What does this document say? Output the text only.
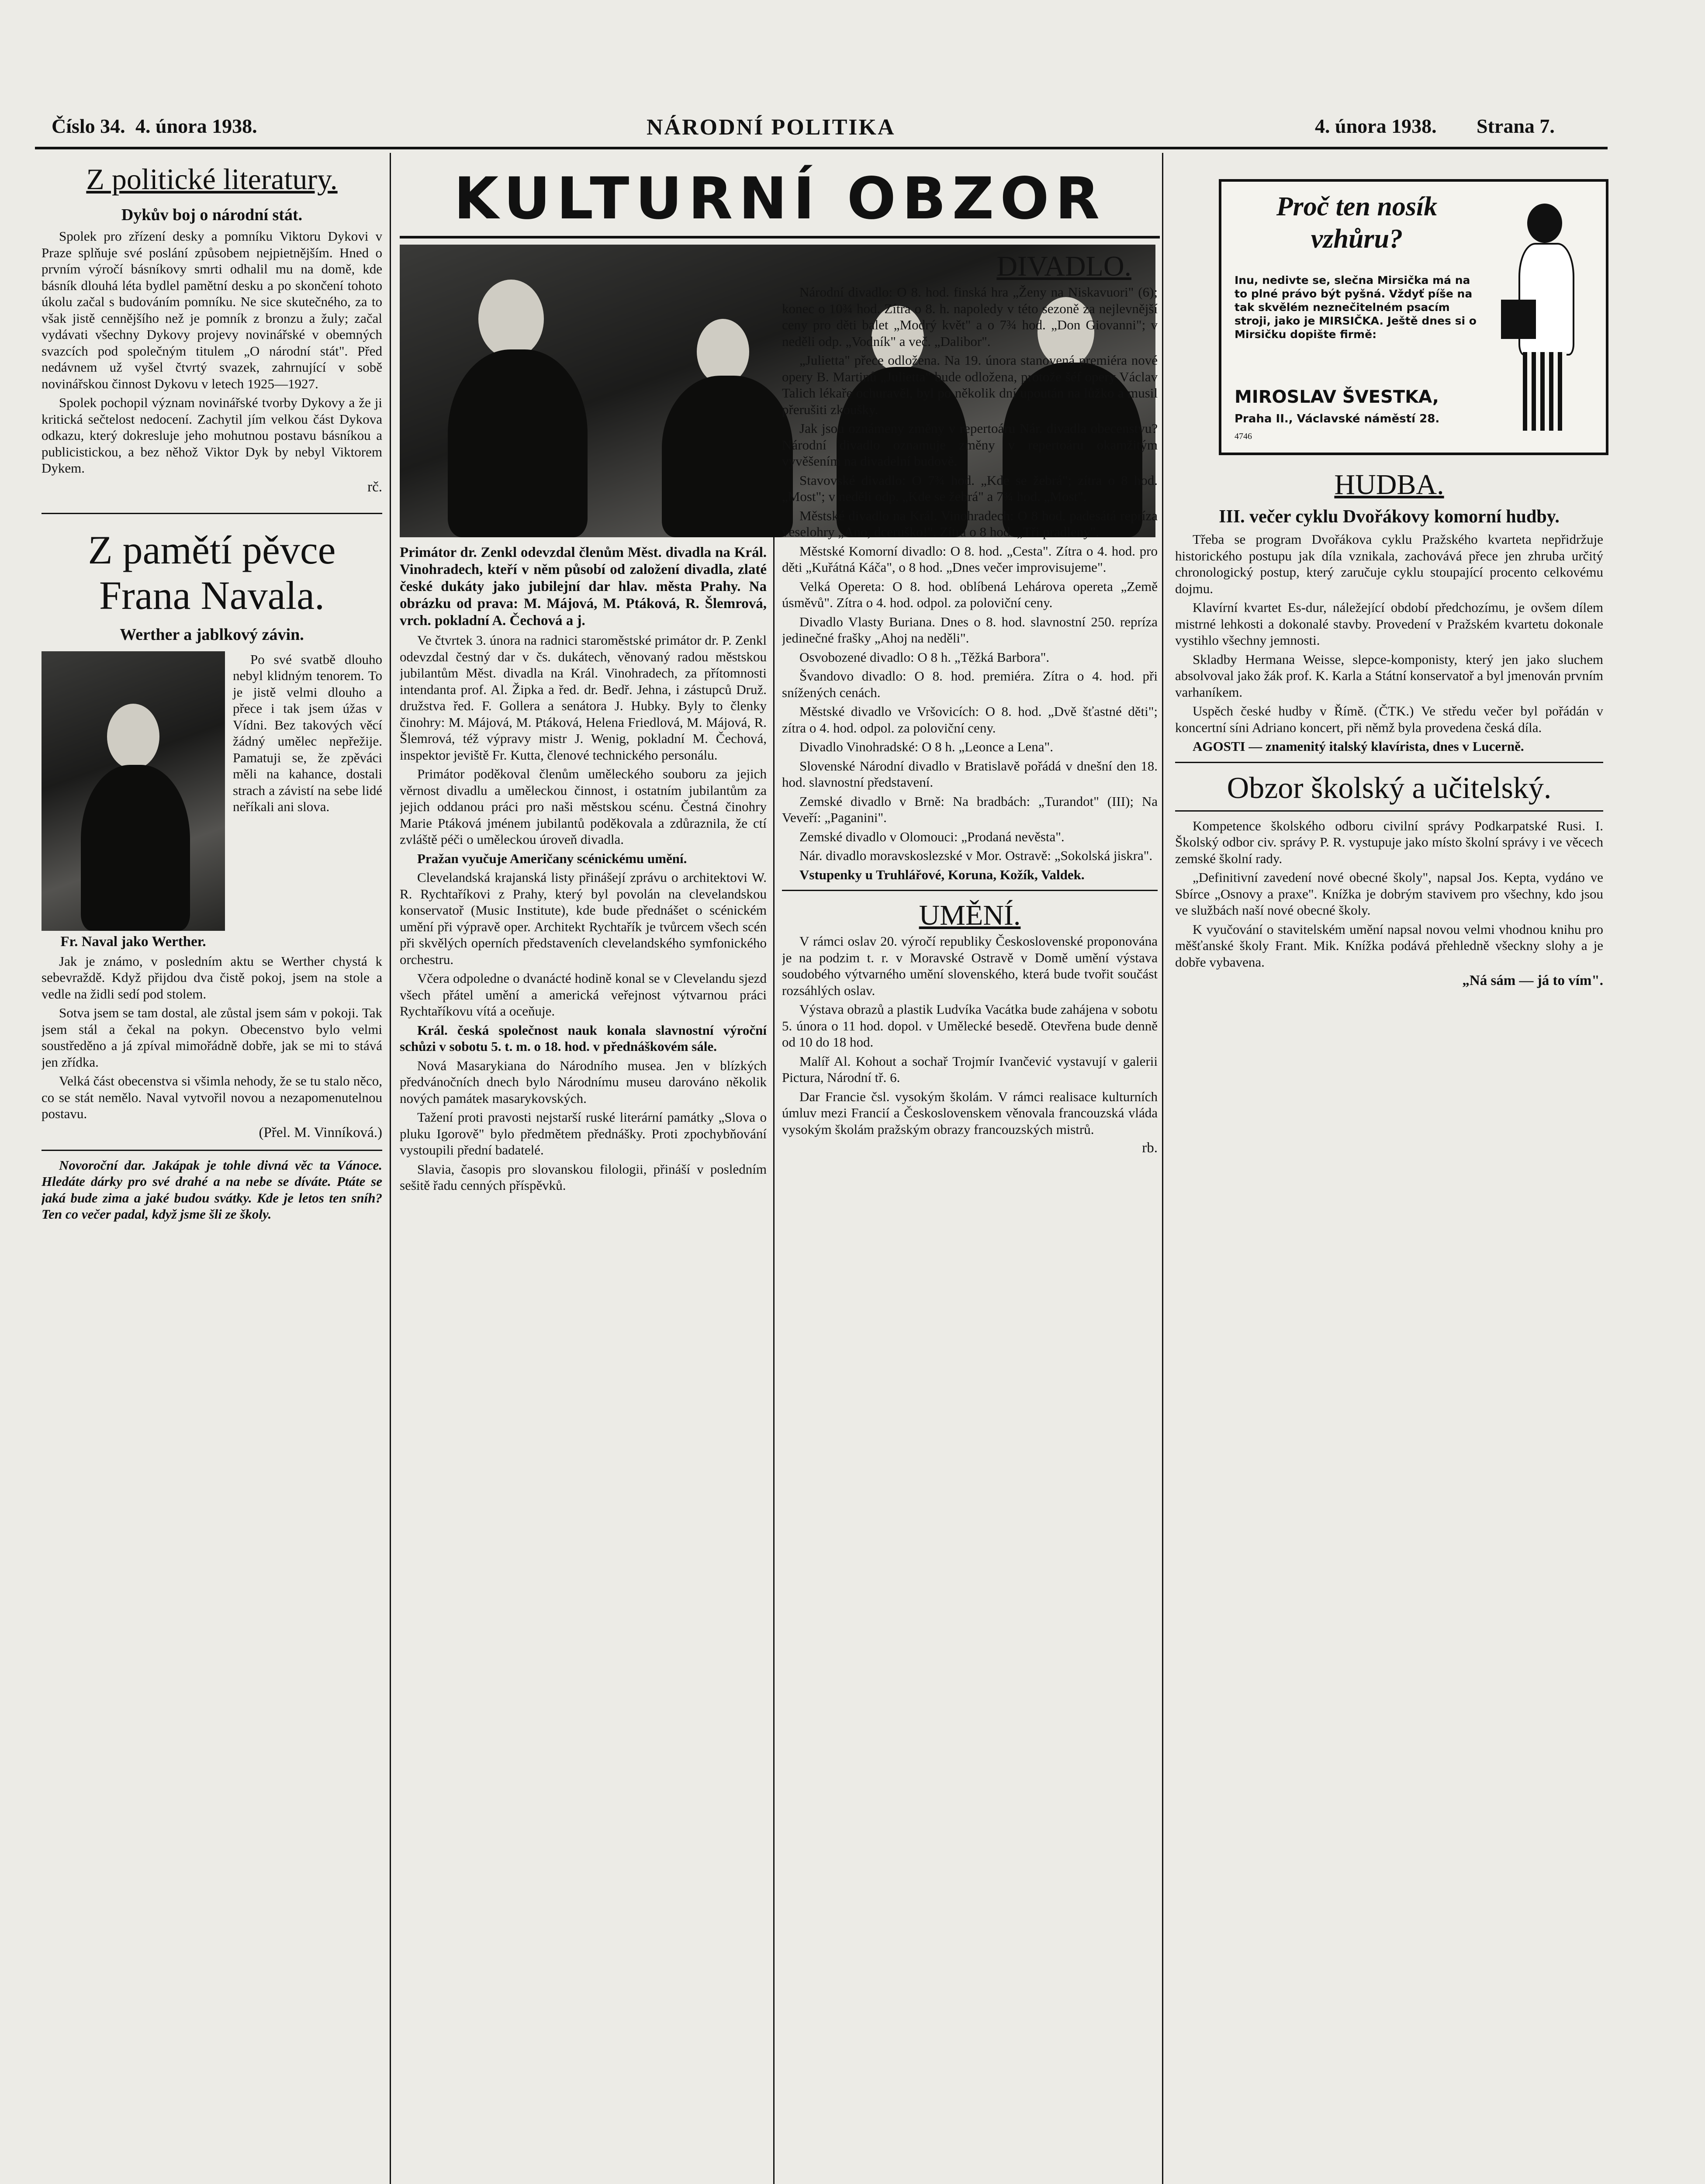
Číslo 34. 4. února 1938.	NÁRODNÍ POLITIKA	4. února 1938. Strana 7.
KULTURNÍ OBZOR
Z politické literatury.
Dykův boj o národní stát.

Spolek pro zřízení desky a pomníku Viktoru Dykovi v Praze splňuje své poslání způsobem nejpietnějším. Hned o prvním výročí básníkovy smrti odhalil mu na domě, kde básník dlouhá léta bydlel pamětní desku a po skončení tohoto úkolu začal s budováním pomníku. Ne sice skutečného, za to však jistě cennějšího než je pomník z bronzu a žuly; začal vydávati všechny Dykovy projevy novinářské v obemných svazcích pod společným titulem „O národní stát". Před nedávnem už vyšel čtvrtý svazek, zahrnující v sobě novinářskou činnost Dykovu v letech 1925—1927.

Spolek pochopil význam novinářské tvorby Dykovy a že ji kritická sečtelost nedocení. Zachytil jím velkou část Dykova odkazu, který dokresluje jeho mohutnou postavu básníkou a publicistickou, a bez něhož Viktor Dyk by nebyl Viktorem Dykem.

rč.
Z pamětí pěvce Frana Navala.
Werther a jablkový závin.
Fr. Naval jako Werther.

Po své svatbě dlouho nebyl klidným tenorem. To je jistě velmi dlouho a přece i tak jsem úžas v Vídni. Bez takových věcí žádný umělec nepřežije. Pamatuji se, že zpěváci měli na kahance, dostali strach a závistí na sebe lidé neříkali ani slova.

Jak je známo, v posledním aktu se Werther chystá k sebevraždě. Když přijdou dva čistě pokoj, jsem na stole a vedle na židli sedí pod stolem.

Sotva jsem se tam dostal, ale zůstal jsem sám v pokoji. Tak jsem stál a čekal na pokyn. Obecenstvo bylo velmi soustředěno a já zpíval mimořádně dobře, jak se mi to stává jen zřídka.

Velká část obecenstva si všimla nehody, že se tu stalo něco, co se stát nemělo. Naval vytvořil novou a nezapomenutelnou postavu.

(Přel. M. Vinníková.)

Novoroční dar. Jakápak je tohle divná věc ta Vánoce. Hledáte dárky pro své drahé a na nebe se díváte. Ptáte se jaká bude zima a jaké budou svátky. Kde je letos ten sníh? Ten co večer padal, když jsme šli ze školy.

Primátor dr. Zenkl odevzdal členům Měst. divadla na Král. Vinohradech, kteří v něm působí od založení divadla, zlaté české dukáty jako jubilejní dar hlav. města Prahy. Na obrázku od prava: M. Májová, M. Ptáková, R. Šlemrová, vrch. pokladní A. Čechová a j.

Ve čtvrtek 3. února na radnici staroměstské primátor dr. P. Zenkl odevzdal čestný dar v čs. dukátech, věnovaný radou městskou jubilantům Měst. divadla na Král. Vinohradech, za přítomnosti intendanta prof. Al. Žipka a řed. dr. Bedř. Jehna, i zástupců Druž. družstva řed. F. Gollera a senátora J. Hubky. Byly to členky činohry: M. Májová, M. Ptáková, Helena Friedlová, M. Májová, R. Šlemrová, též výpravy mistr J. Wenig, pokladní M. Čechová, inspektor jeviště Fr. Kutta, členové technického personálu.

Primátor poděkoval členům uměleckého souboru za jejich věrnost divadlu a uměleckou činnost, i ostatním jubilantům za jejich oddanou práci pro naši městskou scénu. Čestná činohry Marie Ptáková jménem jubilantů poděkovala a zdůraznila, že ctí zvláště péči o uměleckou úroveň divadla.

Pražan vyučuje Američany scénickému umění.

Clevelandská krajanská listy přinášejí zprávu o architektovi W. R. Rychtaříkovi z Prahy, který byl povolán na clevelandskou konservatoř (Music Institute), kde bude přednášet o scénickém umění při výpravě oper. Architekt Rychtařík je tvůrcem všech scén při skvělých operních představeních clevelandského symfonického orchestru.

Včera odpoledne o dvanácté hodině konal se v Clevelandu sjezd všech přátel umění a americká veřejnost výtvarnou práci Rychtaříkovu vítá a oceňuje.

Král. česká společnost nauk konala slavnostní výroční schůzi v sobotu 5. t. m. o 18. hod. v přednáškovém sále.

Nová Masarykiana do Národního musea. Jen v blízkých předvánočních dnech bylo Národnímu museu darováno několik nových památek masarykovských.

Tažení proti pravosti nejstarší ruské literární památky „Slova o pluku Igorově" bylo předmětem přednášky. Proti zpochybňování vystoupili přední badatelé.

Slavia, časopis pro slovanskou filologii, přináší v posledním sešitě řadu cenných příspěvků.

DIVADLO.

Národní divadlo: O 8. hod. finská hra „Ženy na Niskavuori" (6); konec o 10¾ hod. Zítra o 8. h. napoledy v této sezoně za nejlevnější ceny pro děti balet „Modrý květ" a o 7¾ hod. „Don Giovanni"; v neděli odp. „Vodník" a več. „Dalibor".

„Julietta" přece odložena. Na 19. února stanovená premiéra nové opery B. Martinů „Julietta" bude odložena, protože šéf opery Václav Talich lékaře ochuravěl, byl po několik dní upoután na lůžko a musil přerušiti zkoušky.

Jak jsou oznámeny změny v repertoáru Nár. divadla obecenstvu? Národní divadlo oznamuje změny v repertoáru okamžitým vyvěšením na divadelní budově.

Stavovské divadlo: O 7¾ hod. „Kde se žebrá"; zítra o 8 hod. „Most"; v neděli odp. „Kde se žebrá" a 7¾ hod. „Most".

Městské divadlo na Král. Vinohradech: O 8 hod. padesátá repríza veselohry „Ano, dceruško!". Zítra o 8 hod. „Tři pradleny".

Městské Komorní divadlo: O 8. hod. „Cesta". Zítra o 4. hod. pro děti „Kuřátná Káča", o 8 hod. „Dnes večer improvisujeme".

Velká Opereta: O 8. hod. oblíbená Lehárova opereta „Země úsměvů". Zítra o 4. hod. odpol. za poloviční ceny.

Divadlo Vlasty Buriana. Dnes o 8. hod. slavnostní 250. repríza jedinečné frašky „Ahoj na neděli".

Osvobozené divadlo: O 8 h. „Těžká Barbora".

Švandovo divadlo: O 8. hod. premiéra. Zítra o 4. hod. při snížených cenách.

Městské divadlo ve Vršovicích: O 8. hod. „Dvě šťastné děti"; zítra o 4. hod. odpol. za poloviční ceny.

Divadlo Vinohradské: O 8 h. „Leonce a Lena".

Slovenské Národní divadlo v Bratislavě pořádá v dnešní den 18. hod. slavnostní představení.

Zemské divadlo v Brně: Na bradbách: „Turandot" (III); Na Veveří: „Paganini".

Zemské divadlo v Olomouci: „Prodaná nevěsta".

Nár. divadlo moravskoslezské v Mor. Ostravě: „Sokolská jiskra".

Vstupenky u Truhlářové, Koruna, Kožík, Valdek.

UMĚNÍ.

V rámci oslav 20. výročí republiky Československé proponována je na podzim t. r. v Moravské Ostravě v Domě umění výstava soudobého výtvarného umění slovenského, která bude tvořit součást rozsáhlých oslav.

Výstava obrazů a plastik Ludvíka Vacátka bude zahájena v sobotu 5. února o 11 hod. dopol. v Umělecké besedě. Otevřena bude denně od 10 do 18 hod.

Malíř Al. Kohout a sochař Trojmír Ivančević vystavují v galerii Pictura, Národní tř. 6.

Dar Francie čsl. vysokým školám. V rámci realisace kulturních úmluv mezi Francií a Československem věnovala francouzská vláda vysokým školám pražským obrazy francouzských mistrů.

rb.
Proč ten nosík vzhůru?
Inu, nedivte se, slečna Mirsička má na to plné právo být pyšná. Vždyť píše na tak skvělém neznečitelném psacím stroji, jako je MIRSIČKA. Ještě dnes si o Mirsičku dopište firmě:
MIROSLAV ŠVESTKA,
Praha II., Václavské náměstí 28.
4746
HUDBA.
III. večer cyklu Dvořákovy komorní hudby.

Třeba se program Dvořákova cyklu Pražského kvarteta nepřidržuje historického postupu jak díla vznikala, zachovává přece jen zhruba určitý chronologický postup, který zaručuje cyklu stoupající procento celkovému dojmu.

Klavírní kvartet Es-dur, náležející období předchozímu, je ovšem dílem mistrné lehkosti a dokonalé stavby. Provedení v Pražském kvartetu dokonale vystihlo všechny jemnosti.

Skladby Hermana Weisse, slepce-komponisty, který jen jako sluchem absolvoval jako žák prof. K. Karla a Státní konservatoř a byl jmenován prvním varhaníkem.

Uspěch české hudby v Římě. (ČTK.) Ve středu večer byl pořádán v koncertní síni Adriano koncert, při němž byla provedena česká díla.

AGOSTI — znamenitý italský klavírista, dnes v Lucerně.

Obzor školský a učitelský.

Kompetence školského odboru civilní správy Podkarpatské Rusi. I. Školský odbor civ. správy P. R. vystupuje jako místo školní správy i ve věcech zemské školní rady.

„Definitivní zavedení nové obecné školy", napsal Jos. Kepta, vydáno ve Sbírce „Osnovy a praxe". Knížka je dobrým stavivem pro všechny, kdo jsou ve službách naší nové obecné školy.

K vyučování o stavitelském umění napsal novou velmi vhodnou knihu pro měšťanské školy Frant. Mik. Knížka podává přehledně všeckny slohy a je dobře vybavena.

„Ná sám — já to vím".
